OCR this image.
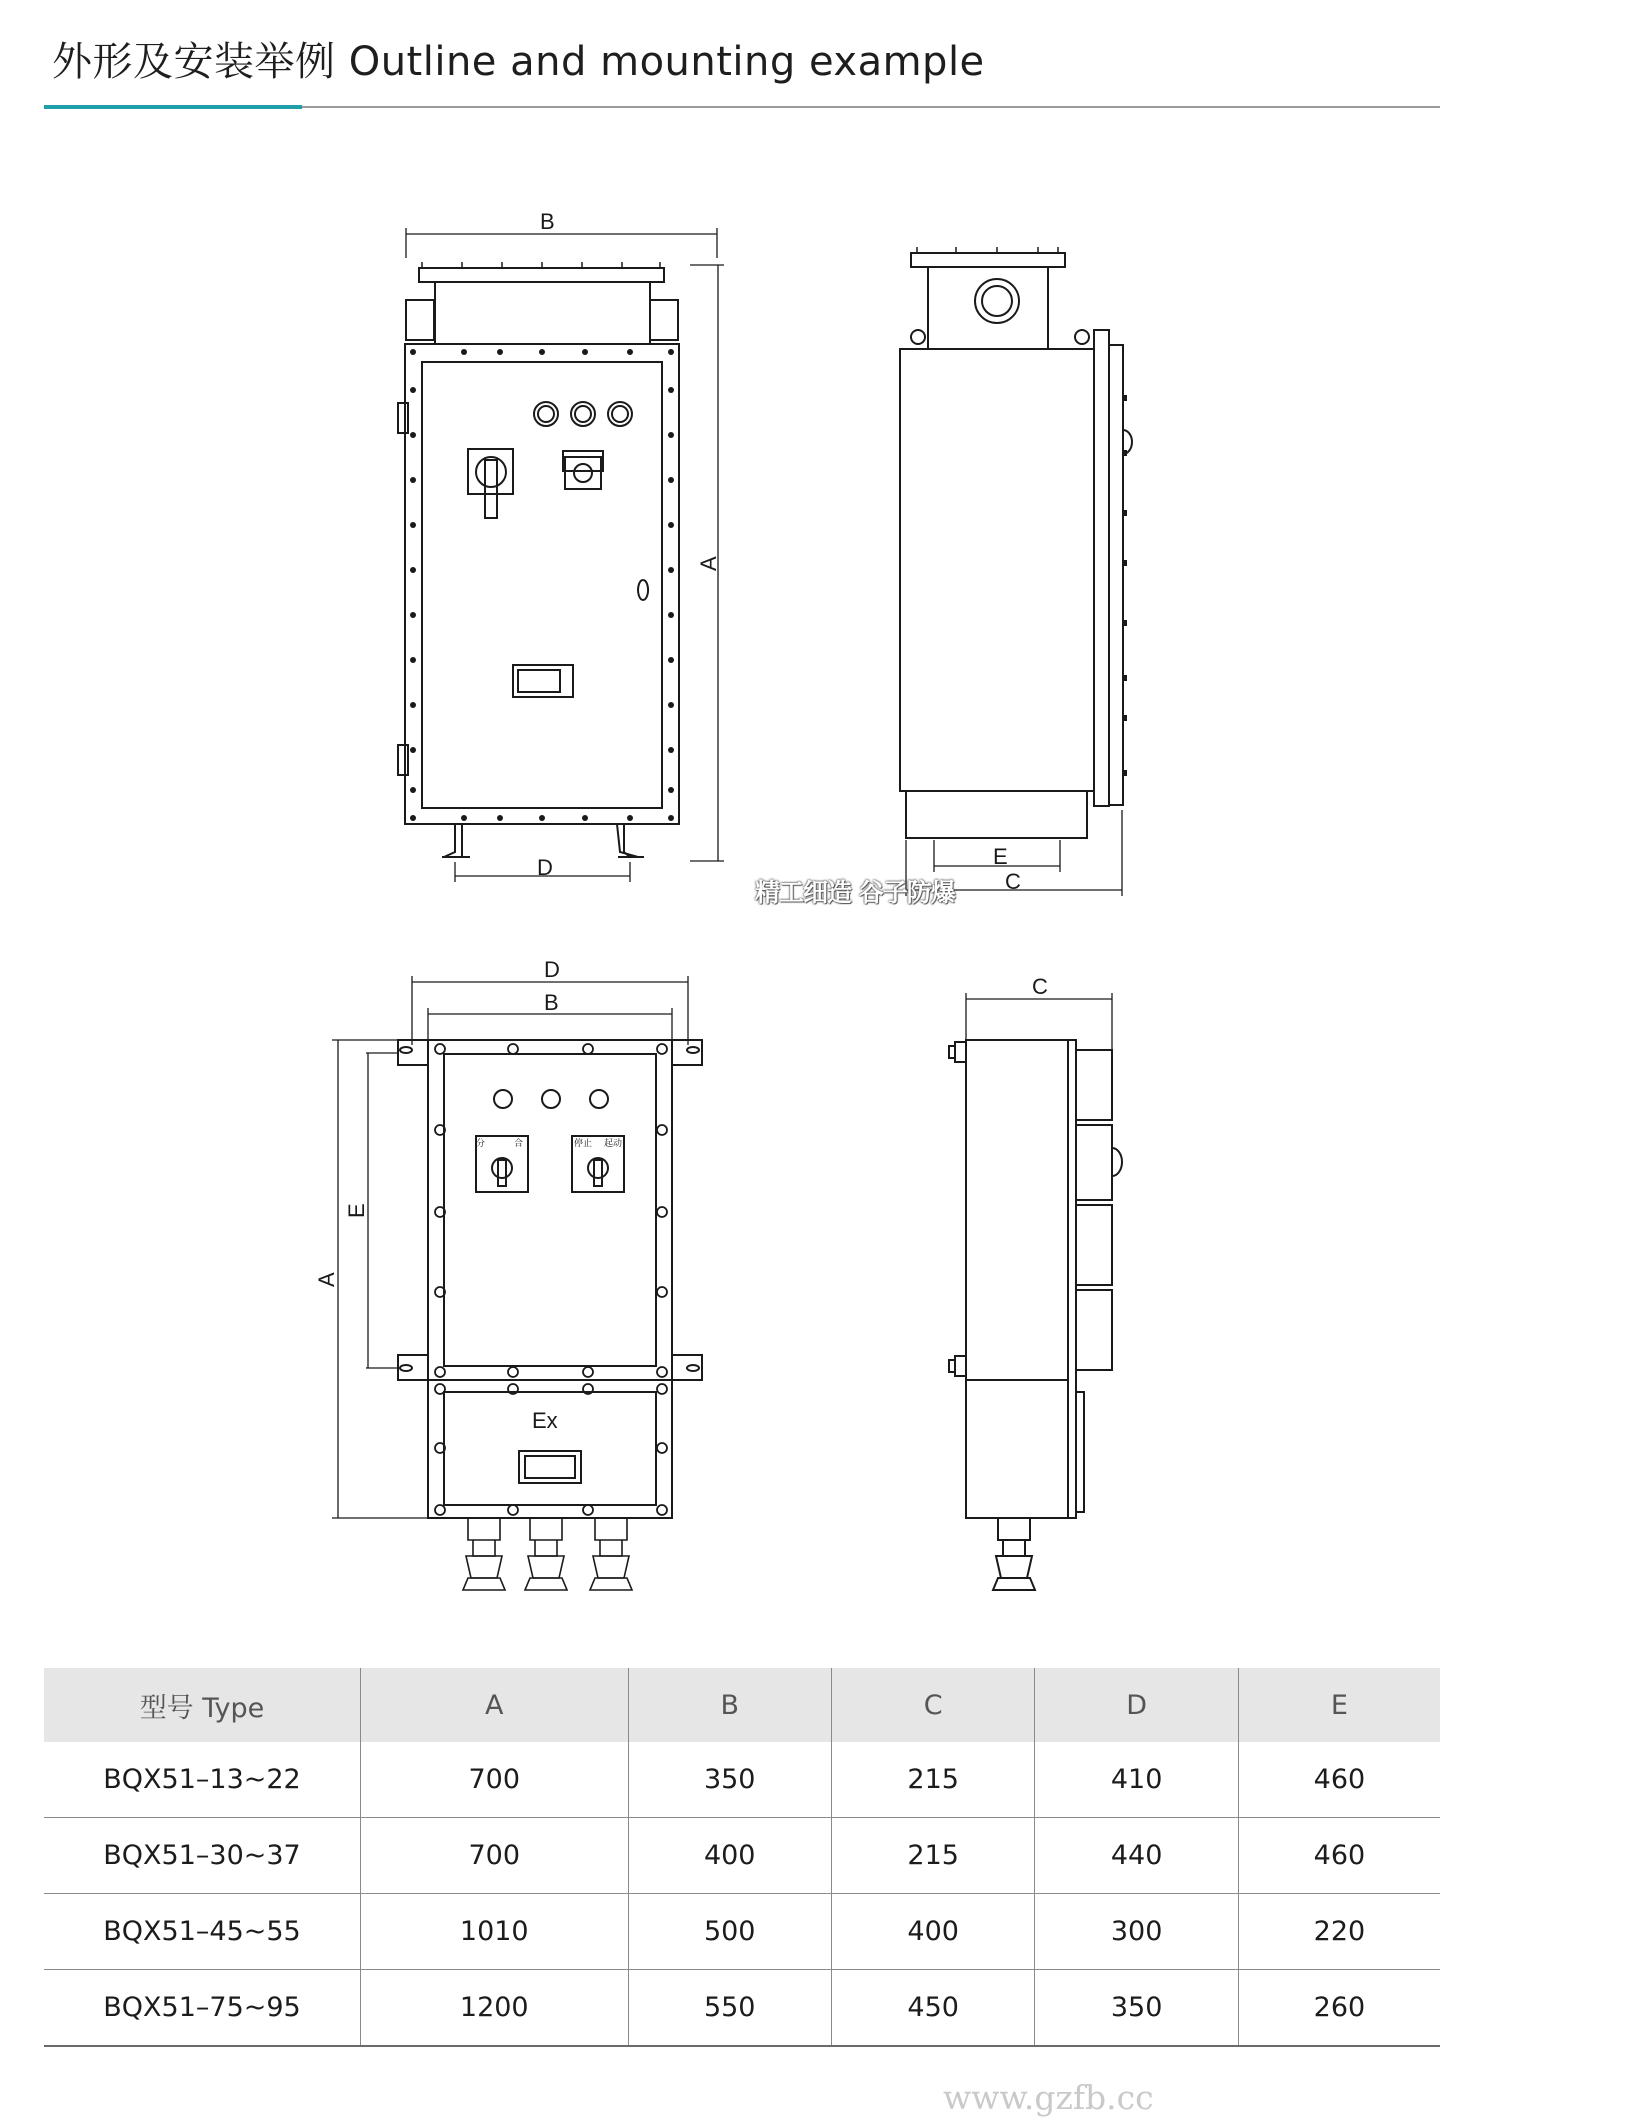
外形及安装举例 Outline and mounting example
B
A
D	E
C
分	合	停止 起动
Ex
D
B
E
A
C
精工细造 谷子防爆
型号 Type	A	B	C	D	E
BQX51–13~22	700	350	215	410	460
BQX51–30~37	700	400	215	440	460
BQX51–45~55	1010	500	400	300	220
BQX51–75~95	1200	550	450	350	260
www.gzfb.cc
